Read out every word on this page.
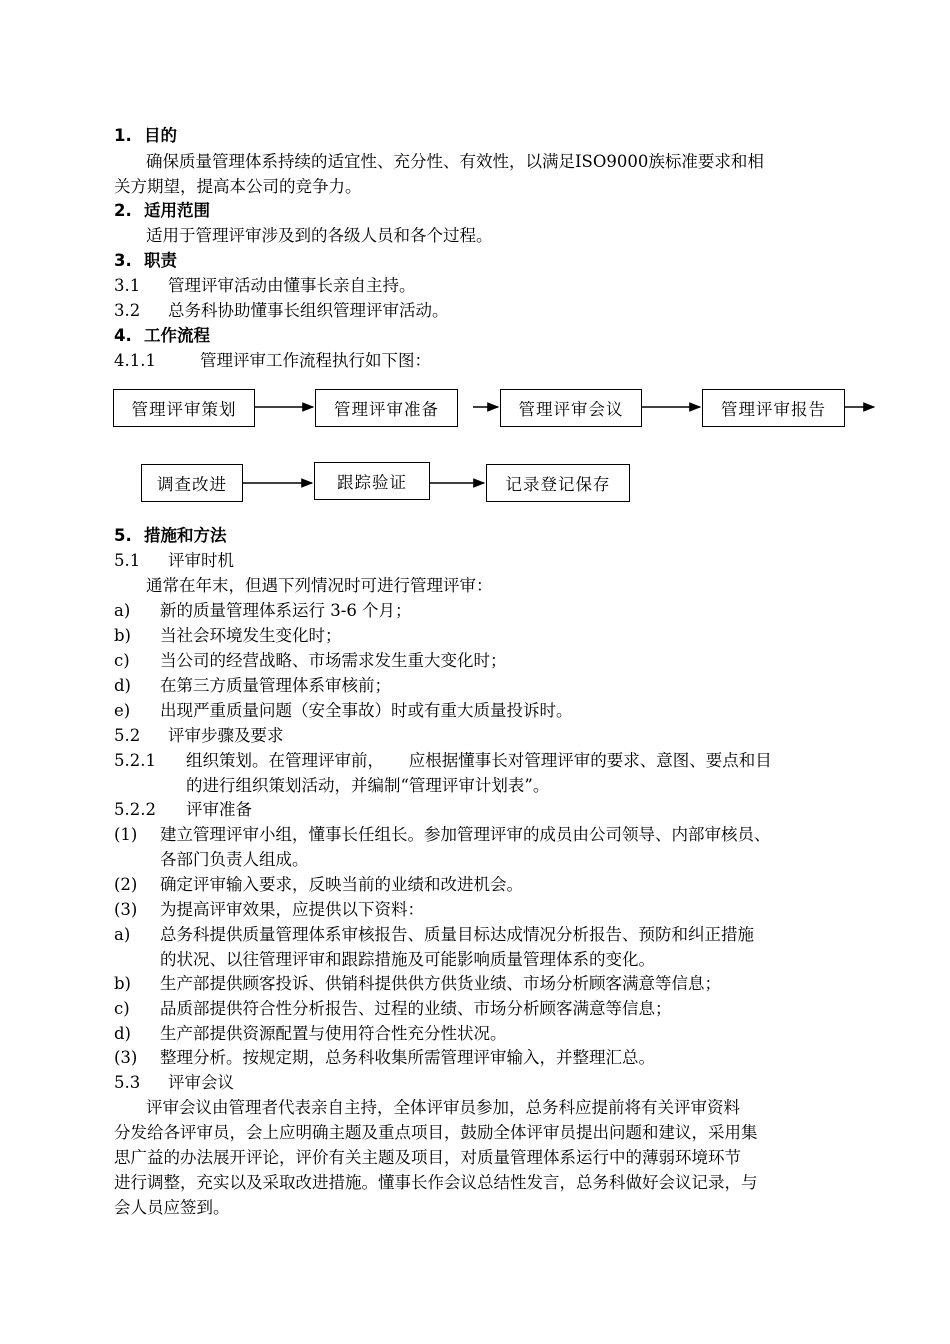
1. 目的
确保质量管理体系持续的适宜性、充分性、有效性，以满足ISO9000族标准要求和相
关方期望，提高本公司的竞争力。
2. 适用范围
适用于管理评审涉及到的各级人员和各个过程。
3. 职责
3.1 管理评审活动由懂事长亲自主持。
3.2 总务科协助懂事长组织管理评审活动。
4. 工作流程
4.1.1	管理评审工作流程执行如下图：
管理评审策划	管理评审准备	管理评审会议	管理评审报告
调查改进	跟踪验证	记录登记保存
5. 措施和方法
5.1 评审时机
通常在年末，但遇下列情况时可进行管理评审：
a) 新的质量管理体系运行 3-6 个月；
b) 当社会环境发生变化时；
c) 当公司的经营战略、市场需求发生重大变化时；
d) 在第三方质量管理体系审核前；
e) 出现严重质量问题（安全事故）时或有重大质量投诉时。
5.2 评审步骤及要求
5.2.1 组织策划。在管理评审前，　　应根据懂事长对管理评审的要求、意图、要点和目
的进行组织策划活动，并编制“管理评审计划表”。
5.2.2 评审准备
(1) 建立管理评审小组，懂事长任组长。参加管理评审的成员由公司领导、内部审核员、
各部门负责人组成。
(2) 确定评审输入要求，反映当前的业绩和改进机会。
(3) 为提高评审效果，应提供以下资料：
a) 总务科提供质量管理体系审核报告、质量目标达成情况分析报告、预防和纠正措施
的状况、以往管理评审和跟踪措施及可能影响质量管理体系的变化。
b) 生产部提供顾客投诉、供销科提供供方供货业绩、市场分析顾客满意等信息；
c) 品质部提供符合性分析报告、过程的业绩、市场分析顾客满意等信息；
d) 生产部提供资源配置与使用符合性充分性状况。
(3) 整理分析。按规定期，总务科收集所需管理评审输入，并整理汇总。
5.3 评审会议
评审会议由管理者代表亲自主持，全体评审员参加，总务科应提前将有关评审资料
分发给各评审员，会上应明确主题及重点项目，鼓励全体评审员提出问题和建议，采用集
思广益的办法展开评论，评价有关主题及项目，对质量管理体系运行中的薄弱环境环节
进行调整，充实以及采取改进措施。懂事长作会议总结性发言，总务科做好会议记录，与
会人员应签到。
